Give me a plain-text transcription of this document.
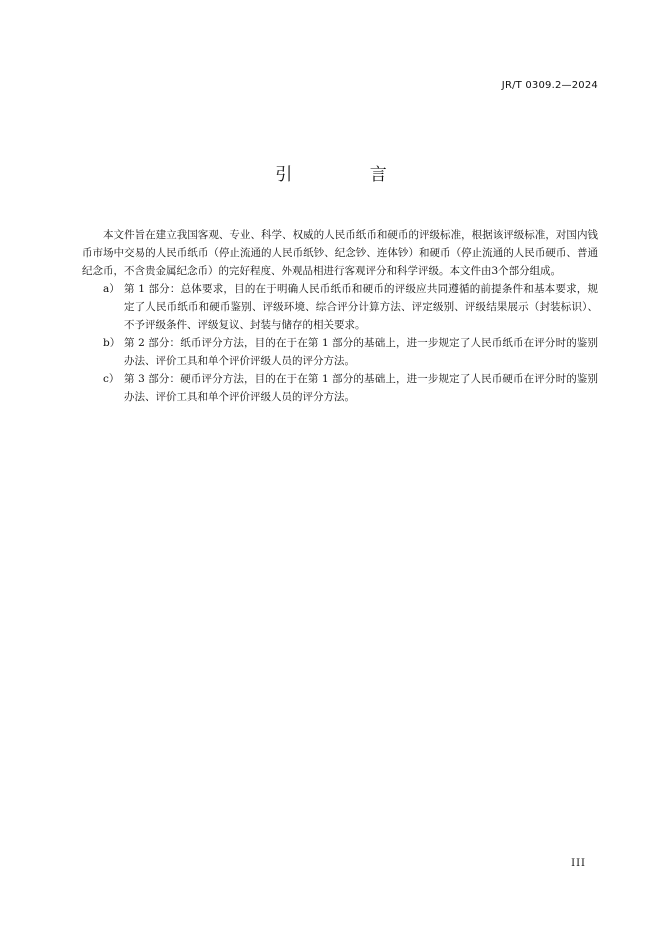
JR/T 0309.2—2024
引 言

本文件旨在建立我国客观、专业、科学、权威的人民币纸币和硬币的评级标准，根据该评级标准，对国内钱币市场中交易的人民币纸币（停止流通的人民币纸钞、纪念钞、连体钞）和硬币（停止流通的人民币硬币、普通纪念币，不含贵金属纪念币）的完好程度、外观品相进行客观评分和科学评级。本文件由3个部分组成。

a） 第 1 部分：总体要求，目的在于明确人民币纸币和硬币的评级应共同遵循的前提条件和基本要求，规定了人民币纸币和硬币鉴别、评级环境、综合评分计算方法、评定级别、评级结果展示（封装标识）、不予评级条件、评级复议、封装与储存的相关要求。
b） 第 2 部分：纸币评分方法，目的在于在第 1 部分的基础上，进一步规定了人民币纸币在评分时的鉴别办法、评价工具和单个评价评级人员的评分方法。
c） 第 3 部分：硬币评分方法，目的在于在第 1 部分的基础上，进一步规定了人民币硬币在评分时的鉴别办法、评价工具和单个评价评级人员的评分方法。
III
